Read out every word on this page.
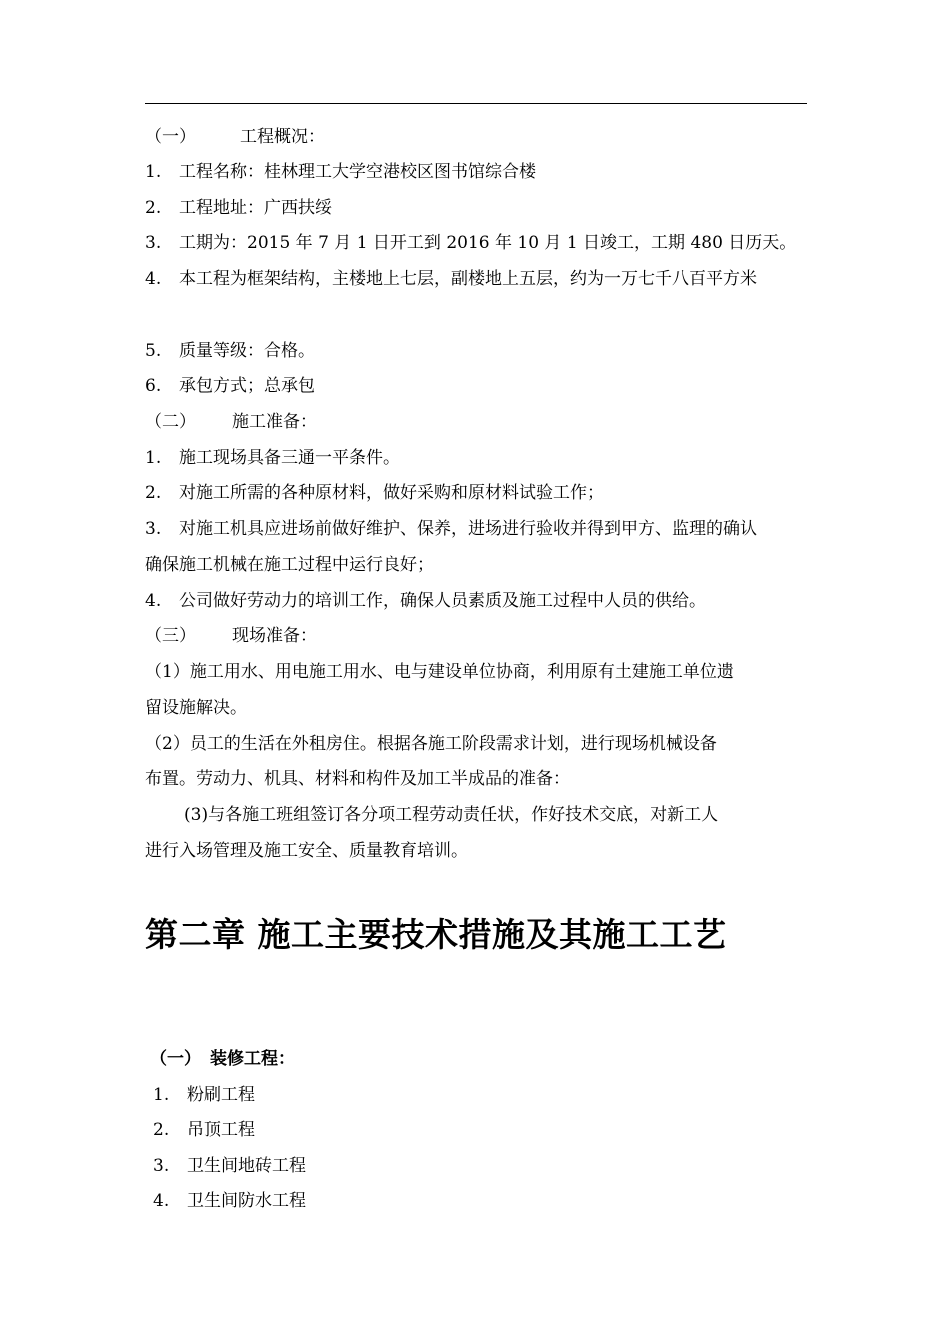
（一）	工程概况：
1. 工程名称：桂林理工大学空港校区图书馆综合楼
2. 工程地址：广西扶绥
3. 工期为：2015 年 7 月 1 日开工到 2016 年 10 月 1 日竣工，工期 480 日历天。
4. 本工程为框架结构，主楼地上七层，副楼地上五层，约为一万七千八百平方米
5. 质量等级：合格。
6. 承包方式；总承包
（二） 施工准备：
1. 施工现场具备三通一平条件。
2. 对施工所需的各种原材料，做好采购和原材料试验工作；
3. 对施工机具应进场前做好维护、保养，进场进行验收并得到甲方、监理的确认
确保施工机械在施工过程中运行良好；
4. 公司做好劳动力的培训工作，确保人员素质及施工过程中人员的供给。
（三） 现场准备：
（1）施工用水、用电施工用水、电与建设单位协商，利用原有土建施工单位遗
留设施解决。
（2）员工的生活在外租房住。根据各施工阶段需求计划，进行现场机械设备
布置。劳动力、机具、材料和构件及加工半成品的准备：
(3)与各施工班组签订各分项工程劳动责任状，作好技术交底，对新工人
进行入场管理及施工安全、质量教育培训。
第二章 施工主要技术措施及其施工工艺
（一） 装修工程：
1. 粉刷工程
2. 吊顶工程
3. 卫生间地砖工程
4. 卫生间防水工程
